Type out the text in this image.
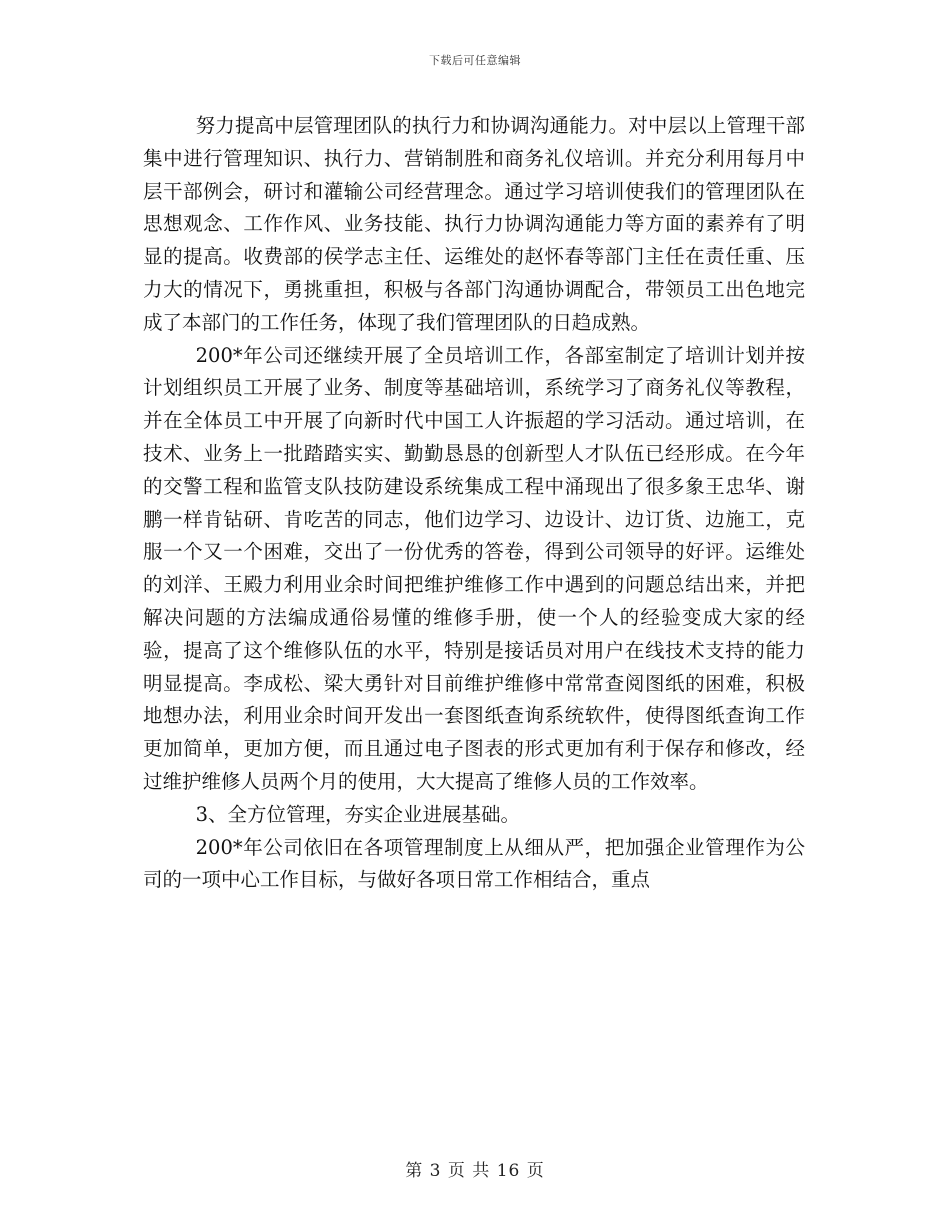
下载后可任意编辑

努力提高中层管理团队的执行力和协调沟通能力。对中层以上管理干部集中进行管理知识、执行力、营销制胜和商务礼仪培训。并充分利用每月中层干部例会，研讨和灌输公司经营理念。通过学习培训使我们的管理团队在思想观念、工作作风、业务技能、执行力协调沟通能力等方面的素养有了明显的提高。收费部的侯学志主任、运维处的赵怀春等部门主任在责任重、压力大的情况下，勇挑重担，积极与各部门沟通协调配合，带领员工出色地完成了本部门的工作任务，体现了我们管理团队的日趋成熟。

200*年公司还继续开展了全员培训工作，各部室制定了培训计划并按计划组织员工开展了业务、制度等基础培训，系统学习了商务礼仪等教程，并在全体员工中开展了向新时代中国工人许振超的学习活动。通过培训，在技术、业务上一批踏踏实实、勤勤恳恳的创新型人才队伍已经形成。在今年的交警工程和监管支队技防建设系统集成工程中涌现出了很多象王忠华、谢鹏一样肯钻研、肯吃苦的同志，他们边学习、边设计、边订货、边施工，克服一个又一个困难，交出了一份优秀的答卷，得到公司领导的好评。运维处的刘洋、王殿力利用业余时间把维护维修工作中遇到的问题总结出来，并把解决问题的方法编成通俗易懂的维修手册，使一个人的经验变成大家的经验，提高了这个维修队伍的水平，特别是接话员对用户在线技术支持的能力明显提高。李成松、梁大勇针对目前维护维修中常常查阅图纸的困难，积极地想办法，利用业余时间开发出一套图纸查询系统软件，使得图纸查询工作更加简单，更加方便，而且通过电子图表的形式更加有利于保存和修改，经过维护维修人员两个月的使用，大大提高了维修人员的工作效率。

3、全方位管理，夯实企业进展基础。

200*年公司依旧在各项管理制度上从细从严，把加强企业管理作为公司的一项中心工作目标，与做好各项日常工作相结合，重点

第 3 页 共 16 页
